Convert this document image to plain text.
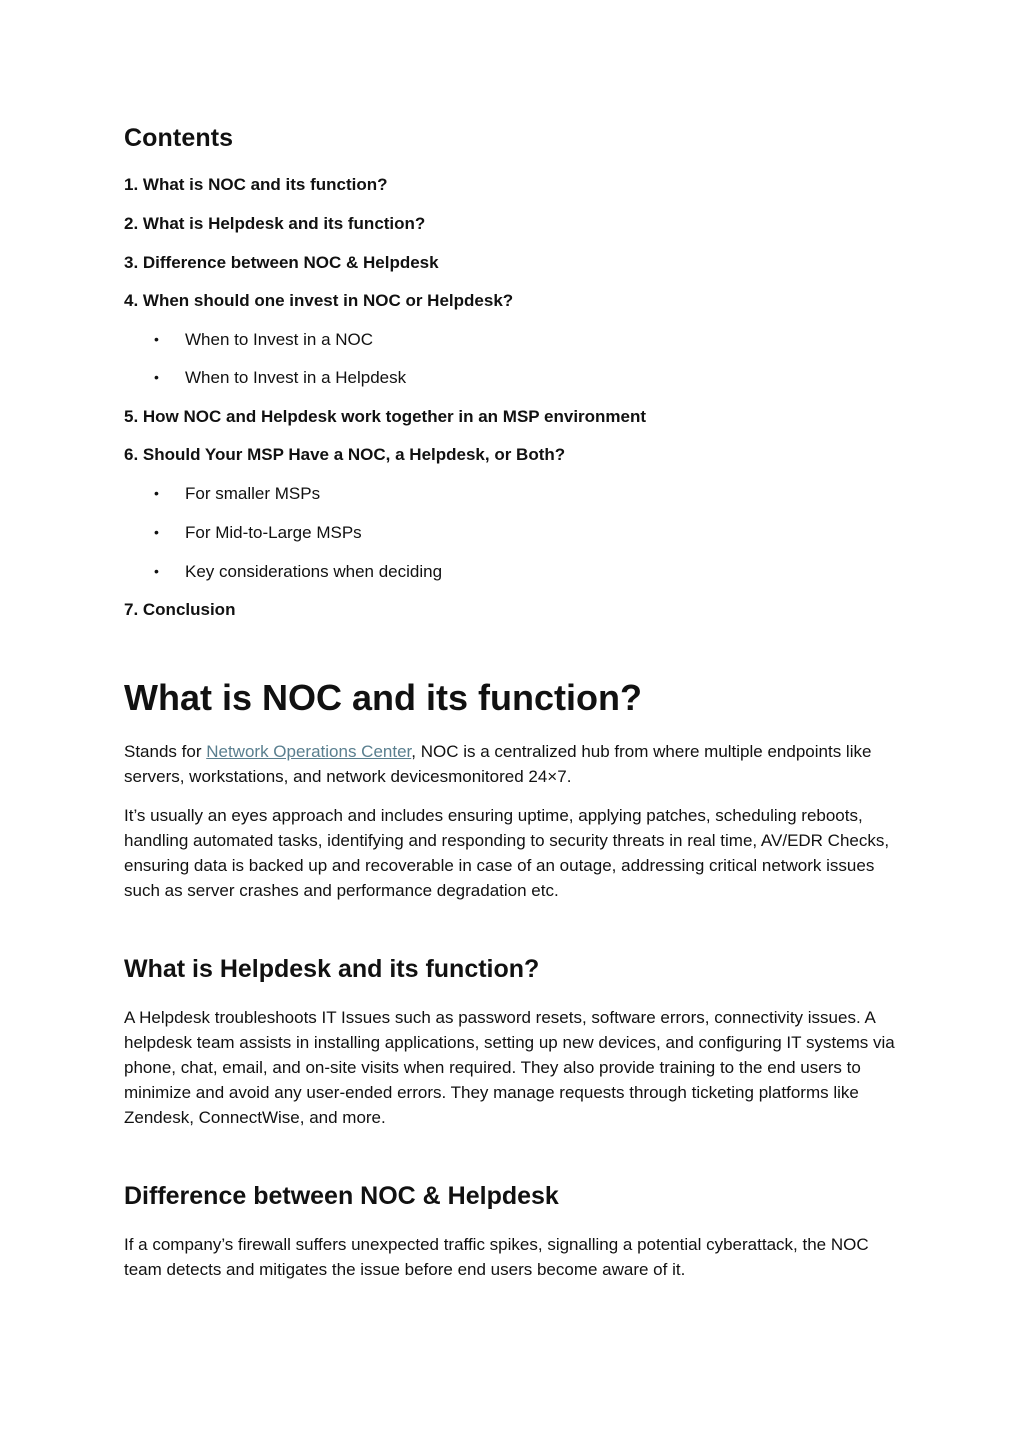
Contents
1. What is NOC and its function?
2. What is Helpdesk and its function?
3. Difference between NOC & Helpdesk
4. When should one invest in NOC or Helpdesk?
• When to Invest in a NOC
• When to Invest in a Helpdesk
5. How NOC and Helpdesk work together in an MSP environment
6. Should Your MSP Have a NOC, a Helpdesk, or Both?
• For smaller MSPs
• For Mid-to-Large MSPs
• Key considerations when deciding
7. Conclusion
What is NOC and its function?

Stands for Network Operations Center, NOC is a centralized hub from where multiple endpoints like servers, workstations, and network devicesmonitored 24×7.

It’s usually an eyes approach and includes ensuring uptime, applying patches, scheduling reboots, handling automated tasks, identifying and responding to security threats in real time, AV/EDR Checks, ensuring data is backed up and recoverable in case of an outage, addressing critical network issues such as server crashes and performance degradation etc.

What is Helpdesk and its function?

A Helpdesk troubleshoots IT Issues such as password resets, software errors, connectivity issues. A helpdesk team assists in installing applications, setting up new devices, and configuring IT systems via phone, chat, email, and on-site visits when required. They also provide training to the end users to minimize and avoid any user-ended errors. They manage requests through ticketing platforms like Zendesk, ConnectWise, and more.

Difference between NOC & Helpdesk

If a company’s firewall suffers unexpected traffic spikes, signalling a potential cyberattack, the NOC team detects and mitigates the issue before end users become aware of it.
